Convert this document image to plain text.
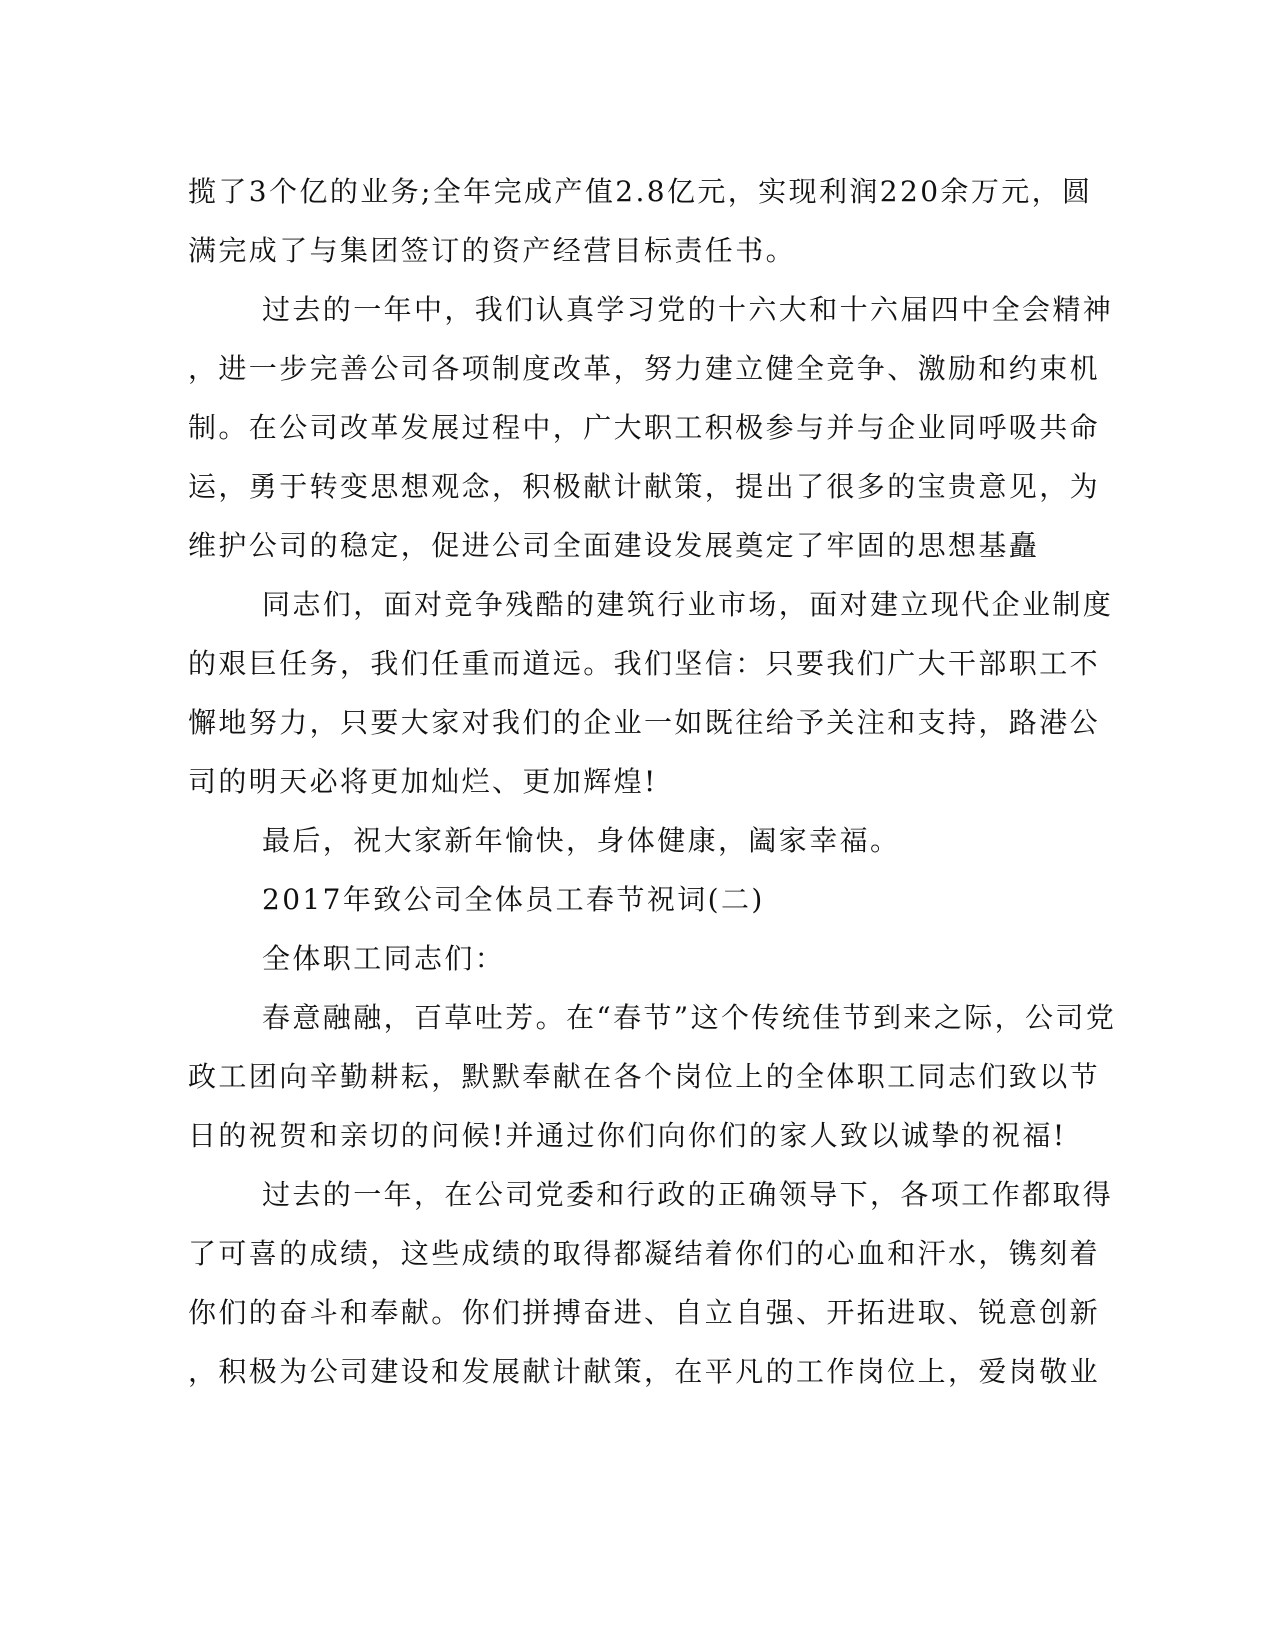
揽了3个亿的业务;全年完成产值2.8亿元，实现利润220余万元，圆
满完成了与集团签订的资产经营目标责任书。
过去的一年中，我们认真学习党的十六大和十六届四中全会精神
，进一步完善公司各项制度改革，努力建立健全竞争、激励和约束机
制。在公司改革发展过程中，广大职工积极参与并与企业同呼吸共命
运，勇于转变思想观念，积极献计献策，提出了很多的宝贵意见，为
维护公司的稳定，促进公司全面建设发展奠定了牢固的思想基矗
同志们，面对竞争残酷的建筑行业市场，面对建立现代企业制度
的艰巨任务，我们任重而道远。我们坚信：只要我们广大干部职工不
懈地努力，只要大家对我们的企业一如既往给予关注和支持，路港公
司的明天必将更加灿烂、更加辉煌!
最后，祝大家新年愉快，身体健康，阖家幸福。
2017年致公司全体员工春节祝词(二)
全体职工同志们：
春意融融，百草吐芳。在“春节”这个传统佳节到来之际，公司党
政工团向辛勤耕耘，默默奉献在各个岗位上的全体职工同志们致以节
日的祝贺和亲切的问候!并通过你们向你们的家人致以诚挚的祝福!
过去的一年，在公司党委和行政的正确领导下，各项工作都取得
了可喜的成绩，这些成绩的取得都凝结着你们的心血和汗水，镌刻着
你们的奋斗和奉献。你们拼搏奋进、自立自强、开拓进取、锐意创新
，积极为公司建设和发展献计献策，在平凡的工作岗位上，爱岗敬业
